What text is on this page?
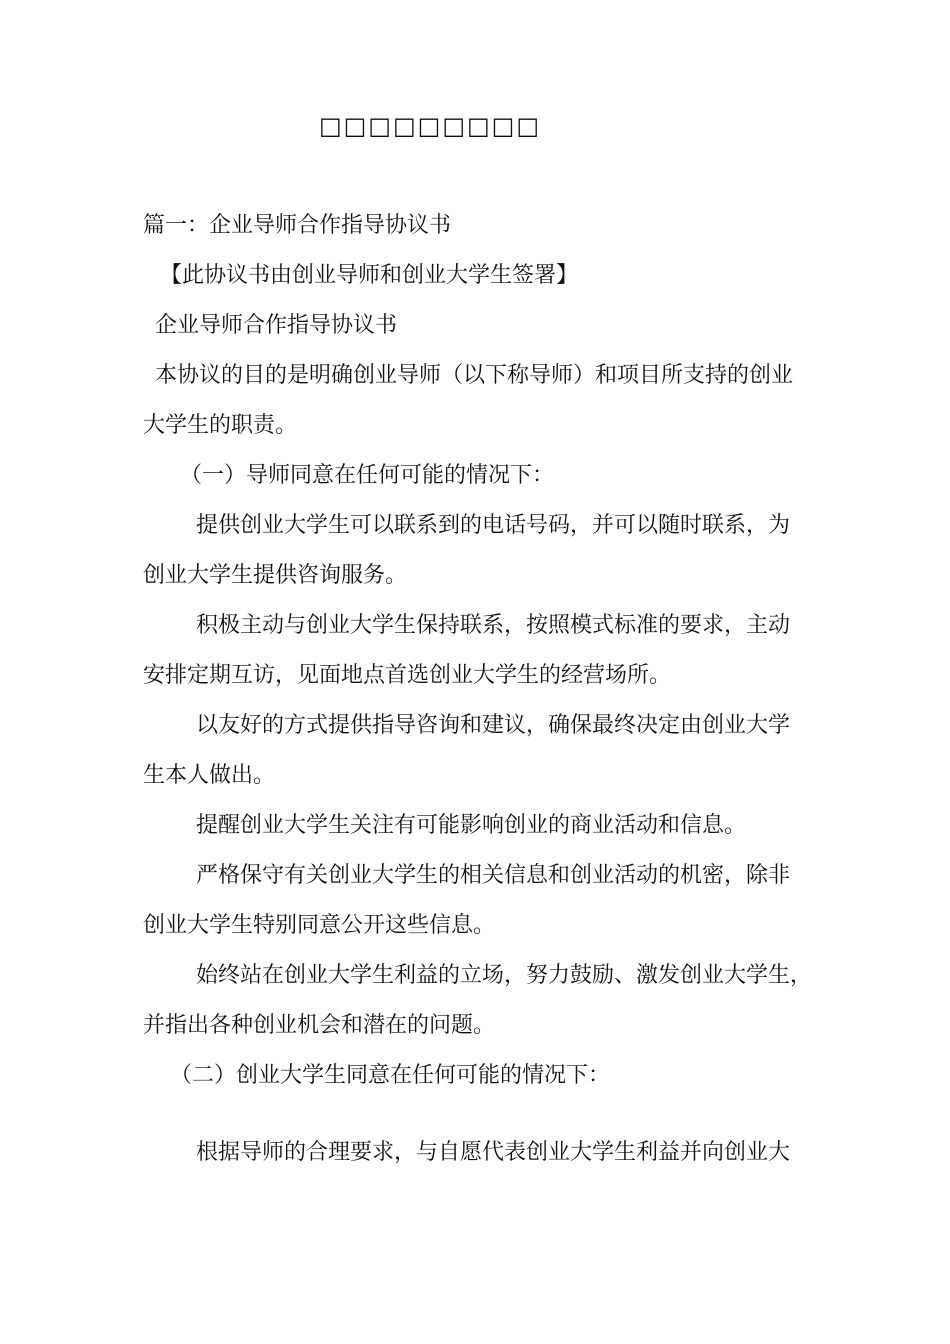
□□□□□□□□□
篇一：企业导师合作指导协议书
【此协议书由创业导师和创业大学生签署】
企业导师合作指导协议书
本协议的目的是明确创业导师（以下称导师）和项目所支持的创业
大学生的职责。
（一）导师同意在任何可能的情况下：
提供创业大学生可以联系到的电话号码，并可以随时联系，为
创业大学生提供咨询服务。
积极主动与创业大学生保持联系，按照模式标准的要求，主动
安排定期互访，见面地点首选创业大学生的经营场所。
以友好的方式提供指导咨询和建议，确保最终决定由创业大学
生本人做出。
提醒创业大学生关注有可能影响创业的商业活动和信息。
严格保守有关创业大学生的相关信息和创业活动的机密，除非
创业大学生特别同意公开这些信息。
始终站在创业大学生利益的立场，努力鼓励、激发创业大学生，
并指出各种创业机会和潜在的问题。
（二）创业大学生同意在任何可能的情况下：
根据导师的合理要求，与自愿代表创业大学生利益并向创业大
